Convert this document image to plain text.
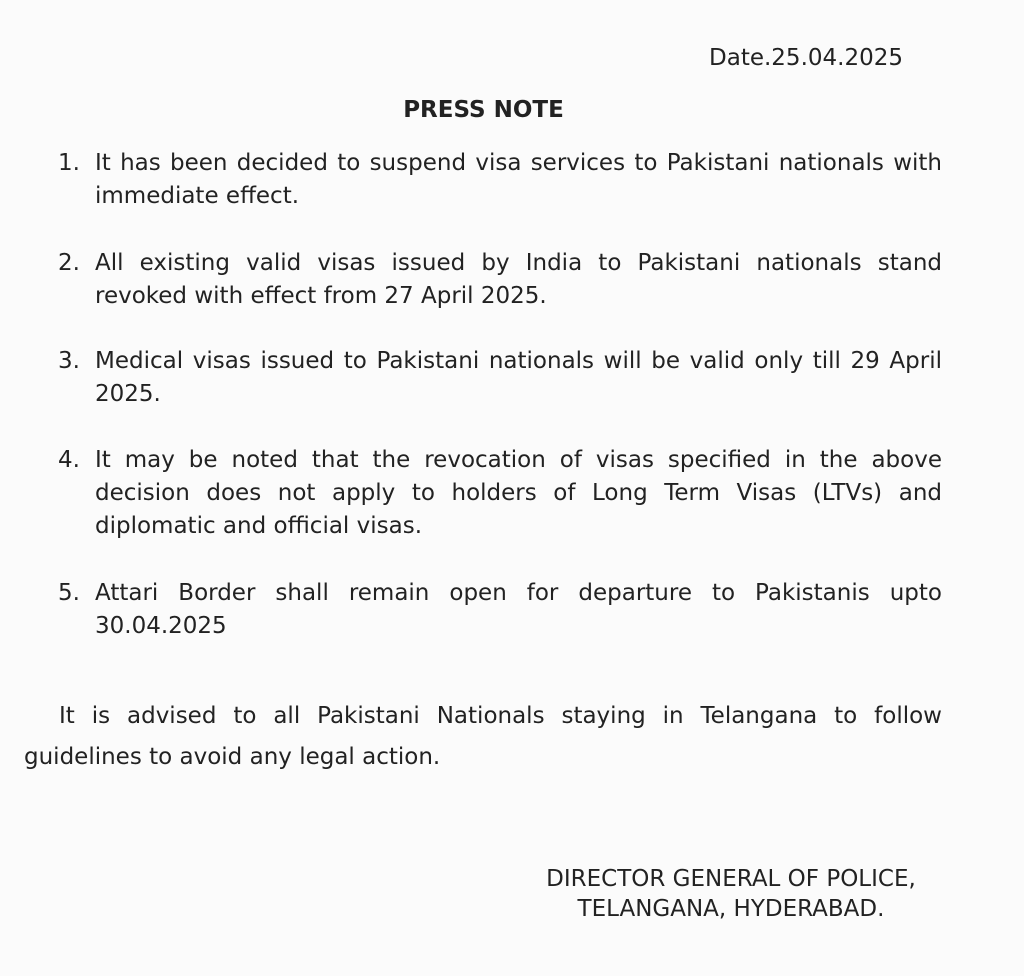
Date.25.04.2025
PRESS NOTE
1. It has been decided to suspend visa services to Pakistani nationals with immediate effect.
2. All existing valid visas issued by India to Pakistani nationals stand revoked with effect from 27 April 2025.
3. Medical visas issued to Pakistani nationals will be valid only till 29 April 2025.
4. It may be noted that the revocation of visas specified in the above decision does not apply to holders of Long Term Visas (LTVs) and diplomatic and official visas.
5. Attari Border shall remain open for departure to Pakistanis upto 30.04.2025
It is advised to all Pakistani Nationals staying in Telangana to follow guidelines to avoid any legal action.
DIRECTOR GENERAL OF POLICE,
TELANGANA, HYDERABAD.
